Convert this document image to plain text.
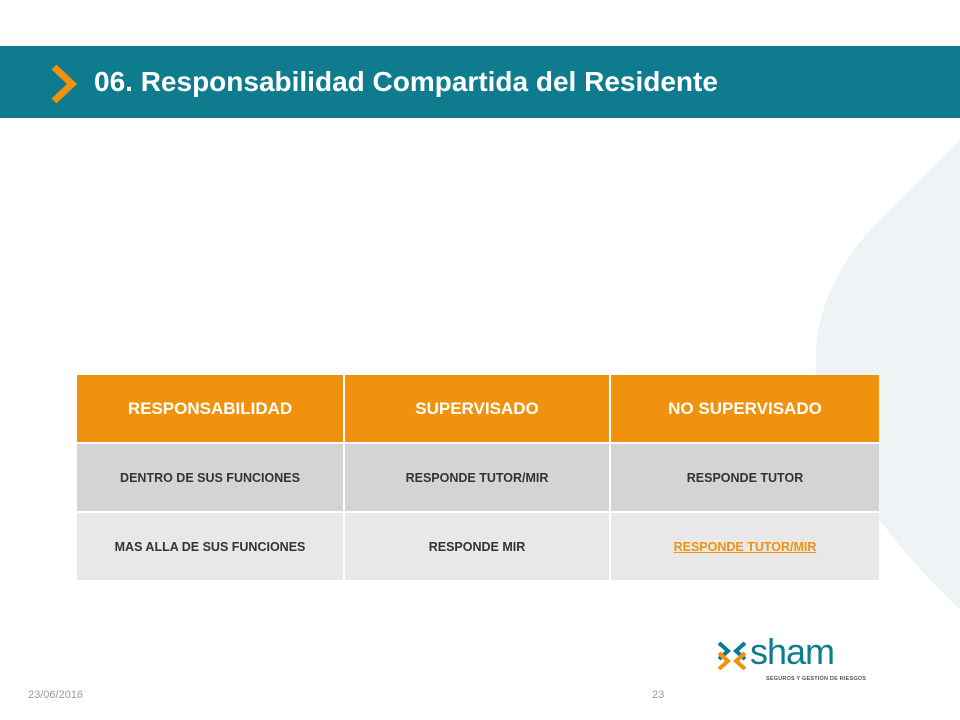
06. Responsabilidad Compartida del Residente
RESPONSABILIDAD	SUPERVISADO	NO SUPERVISADO
DENTRO DE SUS FUNCIONES	RESPONDE TUTOR/MIR	RESPONDE TUTOR
MAS ALLA DE SUS FUNCIONES	RESPONDE MIR	RESPONDE TUTOR/MIR
23/06/2016	23
sham
SEGUROS Y GESTIÓN DE RIESGOS
